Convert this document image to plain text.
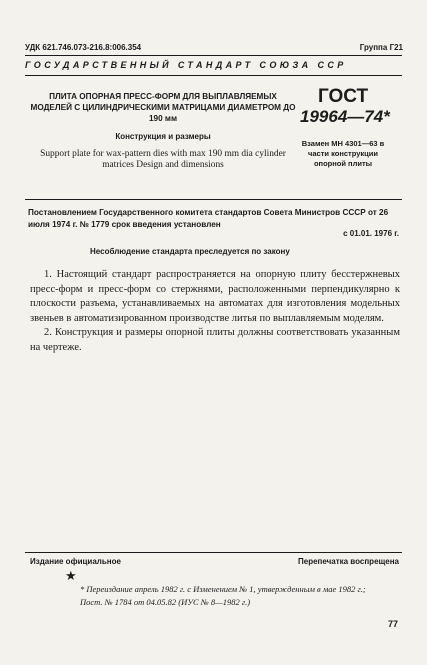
УДК 621.746.073-216.8:006.354	Группа Г21
ГОСУДАРСТВЕННЫЙ СТАНДАРТ СОЮЗА ССР
ПЛИТА ОПОРНАЯ ПРЕСС-ФОРМ ДЛЯ ВЫПЛАВЛЯЕМЫХ МОДЕЛЕЙ С ЦИЛИНДРИЧЕСКИМИ МАТРИЦАМИ ДИАМЕТРОМ ДО 190 мм
Конструкция и размеры
Support plate for wax-pattern dies with max 190 mm dia cylinder matrices Design and dimensions
ГОСТ
19964—74*
Взамен МН 4301—63 в части конструкции опорной плиты
Постановлением Государственного комитета стандартов Совета Министров СССР от 26 июля 1974 г. № 1779 срок введения установлен
с 01.01. 1976 г.
Несоблюдение стандарта преследуется по закону

1. Настоящий стандарт распространяется на опорную плиту бесстержневых пресс-форм и пресс-форм со стержнями, расположенными перпендикулярно к плоскости разъема, устанавливаемых на автоматах для изготовления модельных звеньев в автоматизированном производстве литья по выплавляемым моделям.

2. Конструкция и размеры опорной плиты должны соответствовать указанным на чертеже.

Издание официальное	Перепечатка воспрещена
★
* Переиздание апрель 1982 г. с Изменением № 1, утвержденным в мае 1982 г.; Пост. № 1784 от 04.05.82 (ИУС № 8—1982 г.)
77
